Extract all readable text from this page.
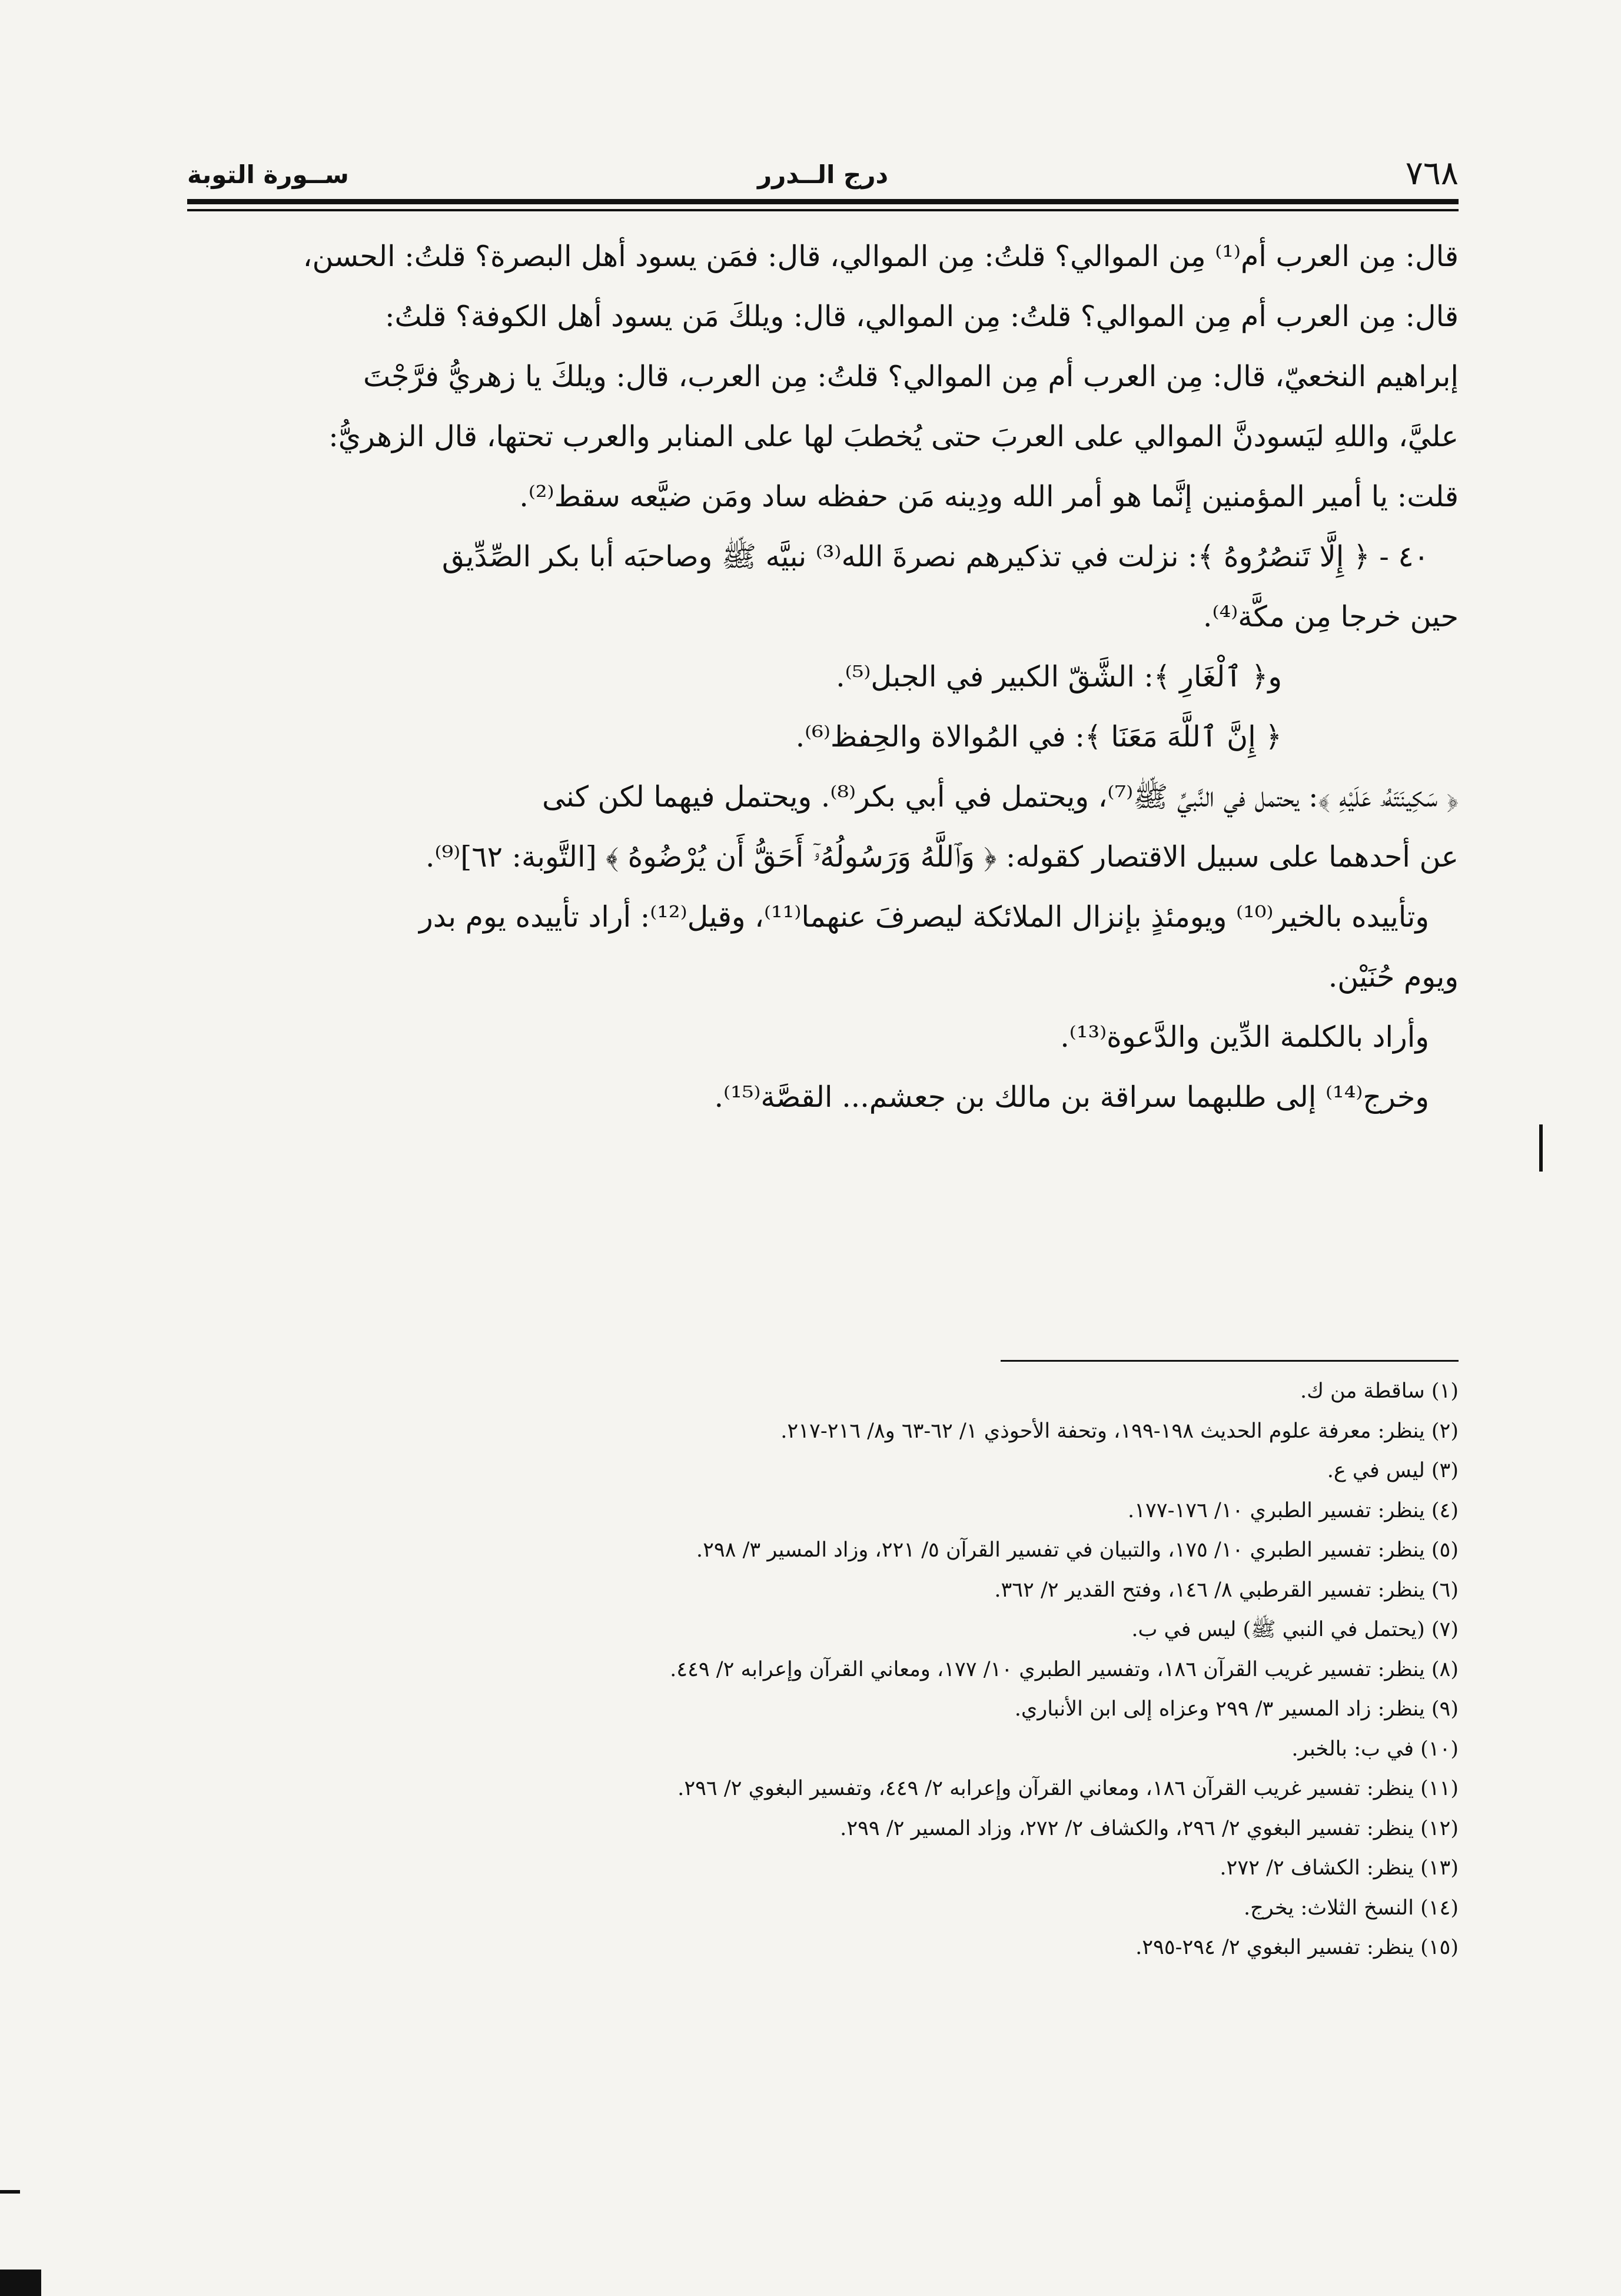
٧٦٨
درج الــدرر
ســورة التوبة

قال: مِن العرب أم⁽¹⁾ مِن الموالي؟ قلتُ: مِن الموالي، قال: فمَن يسود أهل البصرة؟ قلتُ: الحسن،

قال: مِن العرب أم مِن الموالي؟ قلتُ: مِن الموالي، قال: ويلكَ مَن يسود أهل الكوفة؟ قلتُ:

إبراهيم النخعيّ، قال: مِن العرب أم مِن الموالي؟ قلتُ: مِن العرب، قال: ويلكَ يا زهريُّ فرَّجْتَ

عليَّ، واللهِ ليَسودنَّ الموالي على العربَ حتى يُخطبَ لها على المنابر والعرب تحتها، قال الزهريُّ:

قلت: يا أمير المؤمنين إنَّما هو أمر الله ودِينه مَن حفظه ساد ومَن ضيَّعه سقط⁽²⁾.

٤٠ - ﴿ إِلَّا تَنصُرُوهُ ﴾: نزلت في تذكيرهم نصرةَ الله⁽³⁾ نبيَّه ﷺ وصاحبَه أبا بكر الصِّدِّيق

حين خرجا مِن مكَّة⁽⁴⁾.

و﴿ ٱلْغَارِ ﴾: الشَّقّ الكبير في الجبل⁽⁵⁾.

﴿ إِنَّ ٱللَّهَ مَعَنَا ﴾: في المُوالاة والحِفظ⁽⁶⁾.

﴿ سَكِينَتَهُۥ عَلَيْهِ ﴾: يحتمل في النَّبيِّ ﷺ⁽⁷⁾، ويحتمل في أبي بكر⁽⁸⁾. ويحتمل فيهما لكن كنى

عن أحدهما على سبيل الاقتصار كقوله: ﴿ وَٱللَّهُ وَرَسُولُهُۥٓ أَحَقُّ أَن يُرْضُوهُ ﴾ [التَّوبة: ٦٢]⁽⁹⁾.

وتأييده بالخير⁽¹⁰⁾ ويومئذٍ بإنزال الملائكة ليصرفَ عنهما⁽¹¹⁾، وقيل⁽¹²⁾: أراد تأييده يوم بدر

ويوم حُنَيْن.

وأراد بالكلمة الدِّين والدَّعوة⁽¹³⁾.

وخرج⁽¹⁴⁾ إلى طلبهما سراقة بن مالك بن جعشم... القصَّة⁽¹⁵⁾.

(١) ساقطة من ك.

(٢) ينظر: معرفة علوم الحديث ١٩٨-١٩٩، وتحفة الأحوذي ١/ ٦٢-٦٣ و٨/ ٢١٦-٢١٧.

(٣) ليس في ع.

(٤) ينظر: تفسير الطبري ١٠/ ١٧٦-١٧٧.

(٥) ينظر: تفسير الطبري ١٠/ ١٧٥، والتبيان في تفسير القرآن ٥/ ٢٢١، وزاد المسير ٣/ ٢٩٨.

(٦) ينظر: تفسير القرطبي ٨/ ١٤٦، وفتح القدير ٢/ ٣٦٢.

(٧) (يحتمل في النبي ﷺ) ليس في ب.

(٨) ينظر: تفسير غريب القرآن ١٨٦، وتفسير الطبري ١٠/ ١٧٧، ومعاني القرآن وإعرابه ٢/ ٤٤٩.

(٩) ينظر: زاد المسير ٣/ ٢٩٩ وعزاه إلى ابن الأنباري.

(١٠) في ب: بالخبر.

(١١) ينظر: تفسير غريب القرآن ١٨٦، ومعاني القرآن وإعرابه ٢/ ٤٤٩، وتفسير البغوي ٢/ ٢٩٦.

(١٢) ينظر: تفسير البغوي ٢/ ٢٩٦، والكشاف ٢/ ٢٧٢، وزاد المسير ٢/ ٢٩٩.

(١٣) ينظر: الكشاف ٢/ ٢٧٢.

(١٤) النسخ الثلاث: يخرج.

(١٥) ينظر: تفسير البغوي ٢/ ٢٩٤-٢٩٥.
